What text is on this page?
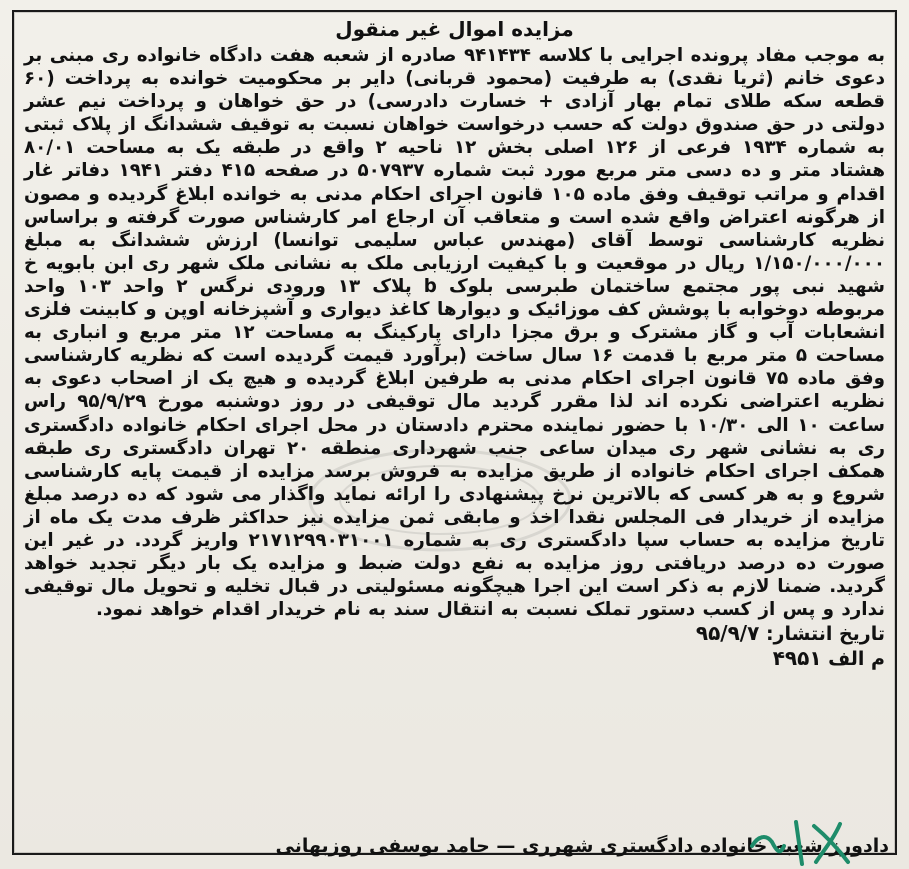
مزایده اموال غیر منقول

به موجب مفاد پرونده اجرایی با کلاسه ۹۴۱۴۳۴ صادره از شعبه هفت دادگاه خانواده ری مبنی بر دعوی خانم (ثریا نقدی) به طرفیت (محمود قربانی) دایر بر محکومیت خوانده به پرداخت (۶۰ قطعه سکه طلای تمام بهار آزادی + خسارت دادرسی) در حق خواهان و پرداخت نیم عشر دولتی در حق صندوق دولت که حسب درخواست خواهان نسبت به توقیف ششدانگ از پلاک ثبتی به شماره ۱۹۳۴ فرعی از ۱۲۶ اصلی بخش ۱۲ ناحیه ۲ واقع در طبقه یک به مساحت ۸۰/۰۱ هشتاد متر و ده دسی متر مربع مورد ثبت شماره ۵۰۷۹۳۷ در صفحه ۴۱۵ دفتر ۱۹۴۱ دفاتر غار اقدام و مراتب توقیف وفق ماده ۱۰۵ قانون اجرای احکام مدنی به خوانده ابلاغ گردیده و مصون از هرگونه اعتراض واقع شده است و متعاقب آن ارجاع امر کارشناس صورت گرفته و براساس نظریه کارشناسی توسط آقای (مهندس عباس سلیمی توانسا) ارزش ششدانگ به مبلغ ۱/۱۵۰/۰۰۰/۰۰۰ ریال در موقعیت و با کیفیت ارزیابی ملک به نشانی ملک شهر ری ابن بابویه خ شهید نبی پور مجتمع ساختمان طبرسی بلوک b پلاک ۱۳ ورودی نرگس ۲ واحد ۱۰۳ واحد مربوطه دوخوابه با پوشش کف موزائیک و دیوارها کاغذ دیواری و آشپزخانه اوپن و کابینت فلزی انشعابات آب و گاز مشترک و برق مجزا دارای پارکینگ به مساحت ۱۲ متر مربع و انباری به مساحت ۵ متر مربع با قدمت ۱۶ سال ساخت (برآورد قیمت گردیده است که نظریه کارشناسی وفق ماده ۷۵ قانون اجرای احکام مدنی به طرفین ابلاغ گردیده و هیچ یک از اصحاب دعوی به نظریه اعتراضی نکرده اند لذا مقرر گردید مال توقیفی در روز دوشنبه مورخ ۹۵/۹/۲۹ راس ساعت ۱۰ الی ۱۰/۳۰ با حضور نماینده محترم دادستان در محل اجرای احکام خانواده دادگستری ری به نشانی شهر ری میدان ساعی جنب شهرداری منطقه ۲۰ تهران دادگستری ری طبقه همکف اجرای احکام خانواده از طریق مزایده به فروش برسد مزایده از قیمت پایه کارشناسی شروع و به هر کسی که بالاترین نرخ پیشنهادی را ارائه نماید واگذار می شود که ده درصد مبلغ مزایده از خریدار فی المجلس نقدا اخذ و مابقی ثمن مزایده نیز حداکثر ظرف مدت یک ماه از تاریخ مزایده به حساب سپا دادگستری ری به شماره ۲۱۷۱۲۹۹۰۳۱۰۰۱ واریز گردد. در غیر این صورت ده درصد دریافتی روز مزایده به نفع دولت ضبط و مزایده یک بار دیگر تجدید خواهد گردید. ضمنا لازم به ذکر است این اجرا هیچگونه مسئولیتی در قبال تخلیه و تحویل مال توقیفی ندارد و پس از کسب دستور تملک نسبت به انتقال سند به نام خریدار اقدام خواهد نمود.

تاریخ انتشار: ۹۵/۹/۷

م الف ۴۹۵۱

دادورز شعبه خانواده دادگستری شهرری — حامد یوسفی روزبهانی
